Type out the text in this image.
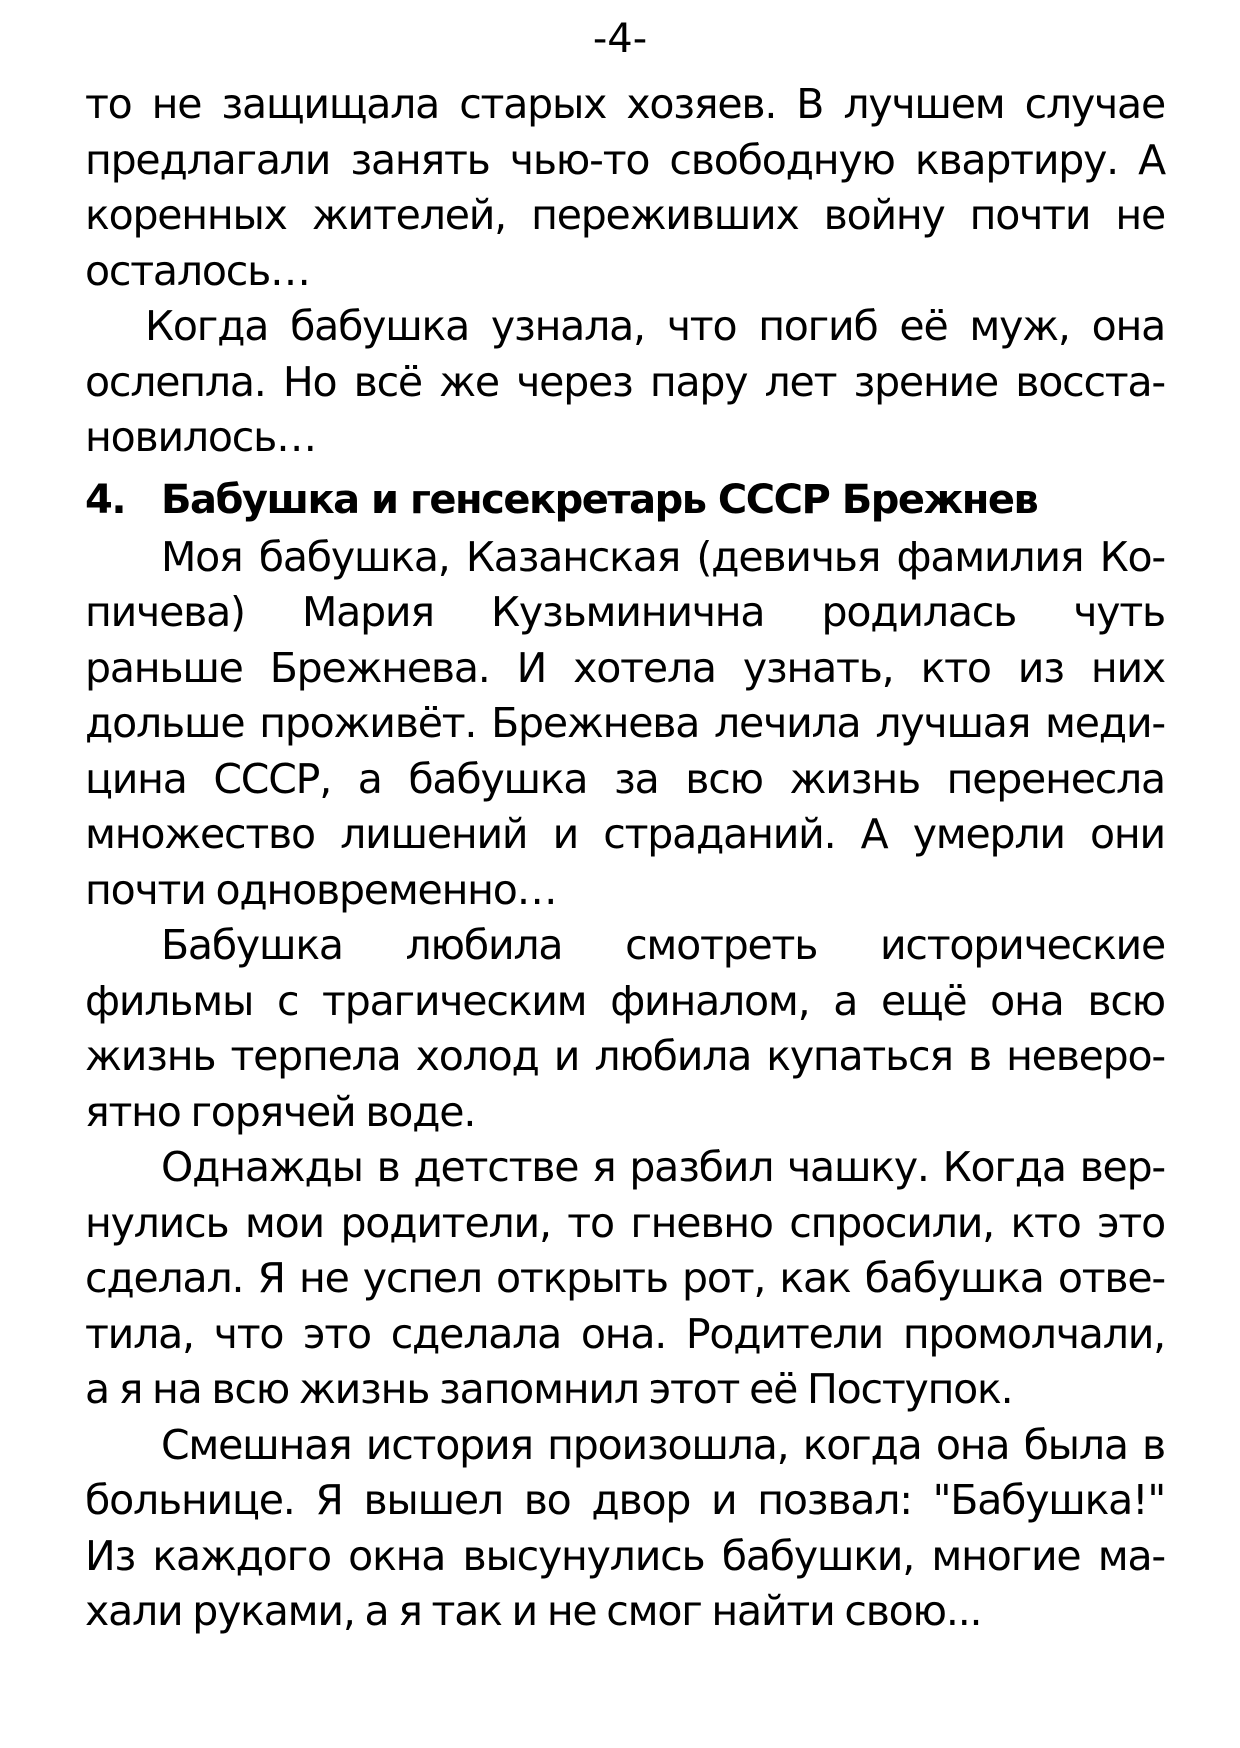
-4-
то не защищала старых хозяев. В лучшем случае
предлагали занять чью-то свободную квартиру. А
коренных жителей, переживших войну почти не
осталось…
Когда бабушка узнала, что погиб её муж, она
ослепла. Но всё же через пару лет зрение восста-
новилось…
4. Бабушка и генсекретарь СССР Брежнев
Моя бабушка, Казанская (девичья фамилия Ко-
пичева) Мария Кузьминична родилась чуть
раньше Брежнева. И хотела узнать, кто из них
дольше проживёт. Брежнева лечила лучшая меди-
цина СССР, а бабушка за всю жизнь перенесла
множество лишений и страданий. А умерли они
почти одновременно…
Бабушка любила смотреть исторические
фильмы с трагическим финалом, а ещё она всю
жизнь терпела холод и любила купаться в неверо-
ятно горячей воде.
Однажды в детстве я разбил чашку. Когда вер-
нулись мои родители, то гневно спросили, кто это
сделал. Я не успел открыть рот, как бабушка отве-
тила, что это сделала она. Родители промолчали,
а я на всю жизнь запомнил этот её Поступок.
Смешная история произошла, когда она была в
больнице. Я вышел во двор и позвал: "Бабушка!"
Из каждого окна высунулись бабушки, многие ма-
хали руками, а я так и не смог найти свою...
